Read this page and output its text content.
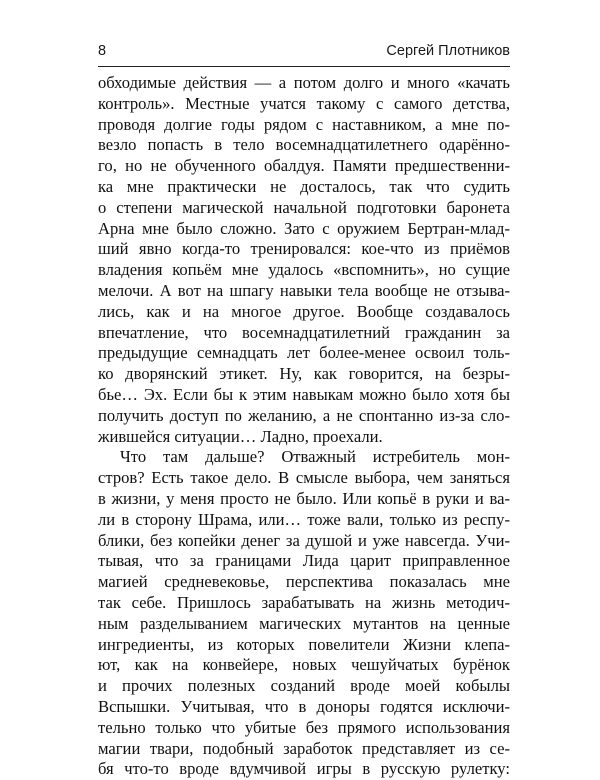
8	Сергей Плотников
обходимые действия — а потом долго и много «качать
контроль». Местные учатся такому с самого детства,
проводя долгие годы рядом с наставником, а мне по-
везло попасть в тело восемнадцатилетнего одарённо-
го, но не обученного обалдуя. Памяти предшественни-
ка мне практически не досталось, так что судить
о степени магической начальной подготовки баронета
Арна мне было сложно. Зато с оружием Бертран-млад-
ший явно когда-то тренировался: кое-что из приёмов
владения копьём мне удалось «вспомнить», но сущие
мелочи. А вот на шпагу навыки тела вообще не отзыва-
лись, как и на многое другое. Вообще создавалось
впечатление, что восемнадцатилетний гражданин за
предыдущие семнадцать лет более-менее освоил толь-
ко дворянский этикет. Ну, как говорится, на безры-
бье… Эх. Если бы к этим навыкам можно было хотя бы
получить доступ по желанию, а не спонтанно из-за сло-
жившейся ситуации… Ладно, проехали.
Что там дальше? Отважный истребитель мон-
стров? Есть такое дело. В смысле выбора, чем заняться
в жизни, у меня просто не было. Или копьё в руки и ва-
ли в сторону Шрама, или… тоже вали, только из респу-
блики, без копейки денег за душой и уже навсегда. Учи-
тывая, что за границами Лида царит приправленное
магией средневековье, перспектива показалась мне
так себе. Пришлось зарабатывать на жизнь методич-
ным разделыванием магических мутантов на ценные
ингредиенты, из которых повелители Жизни клепа-
ют, как на конвейере, новых чешуйчатых бурёнок
и прочих полезных созданий вроде моей кобылы
Вспышки. Учитывая, что в доноры годятся исключи-
тельно только что убитые без прямого использования
магии твари, подобный заработок представляет из се-
бя что-то вроде вдумчивой игры в русскую рулетку:
